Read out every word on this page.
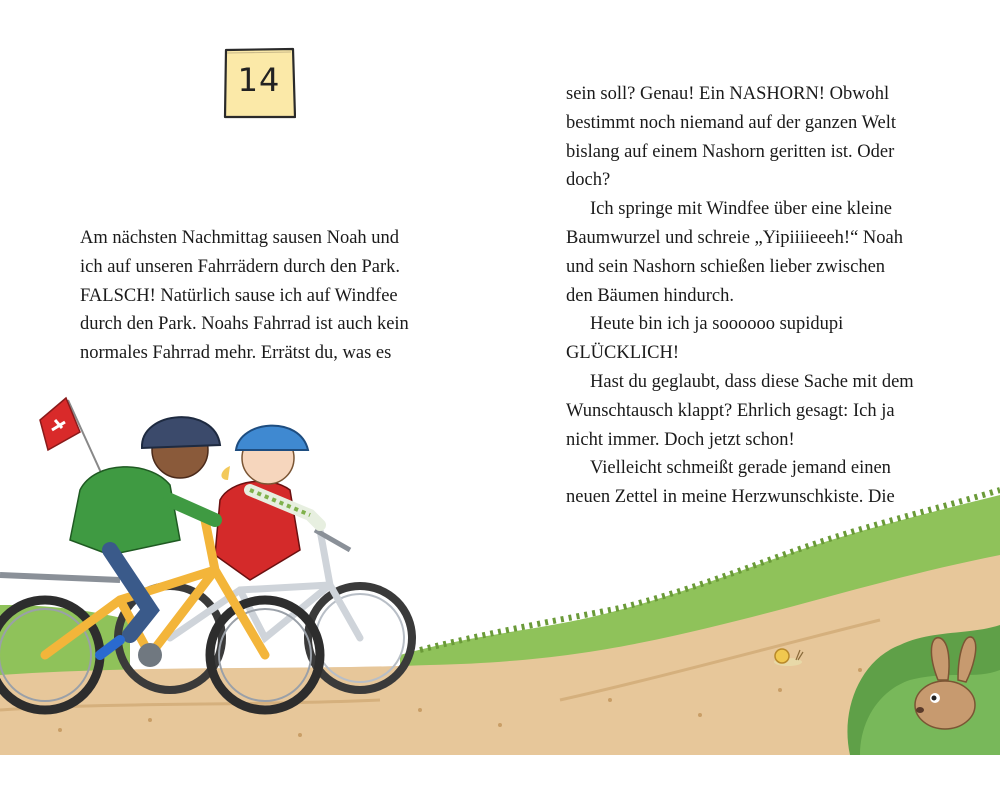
14

Am nächsten Nachmittag sausen Noah und

ich auf unseren Fahrrädern durch den Park.

FALSCH! Natürlich sause ich auf Windfee

durch den Park. Noahs Fahrrad ist auch kein

normales Fahrrad mehr. Errätst du, was es

sein soll? Genau! Ein NASHORN! Obwohl

bestimmt noch niemand auf der ganzen Welt

bislang auf einem Nashorn geritten ist. Oder

doch?

Ich springe mit Windfee über eine kleine

Baumwurzel und schreie „Yipiiiieeeh!“ Noah

und sein Nashorn schießen lieber zwischen

den Bäumen hindurch.

Heute bin ich ja soooooo supidupi

GLÜCKLICH!

Hast du geglaubt, dass diese Sache mit dem

Wunschtausch klappt? Ehrlich gesagt: Ich ja

nicht immer. Doch jetzt schon!

Vielleicht schmeißt gerade jemand einen

neuen Zettel in meine Herzwunschkiste. Die
